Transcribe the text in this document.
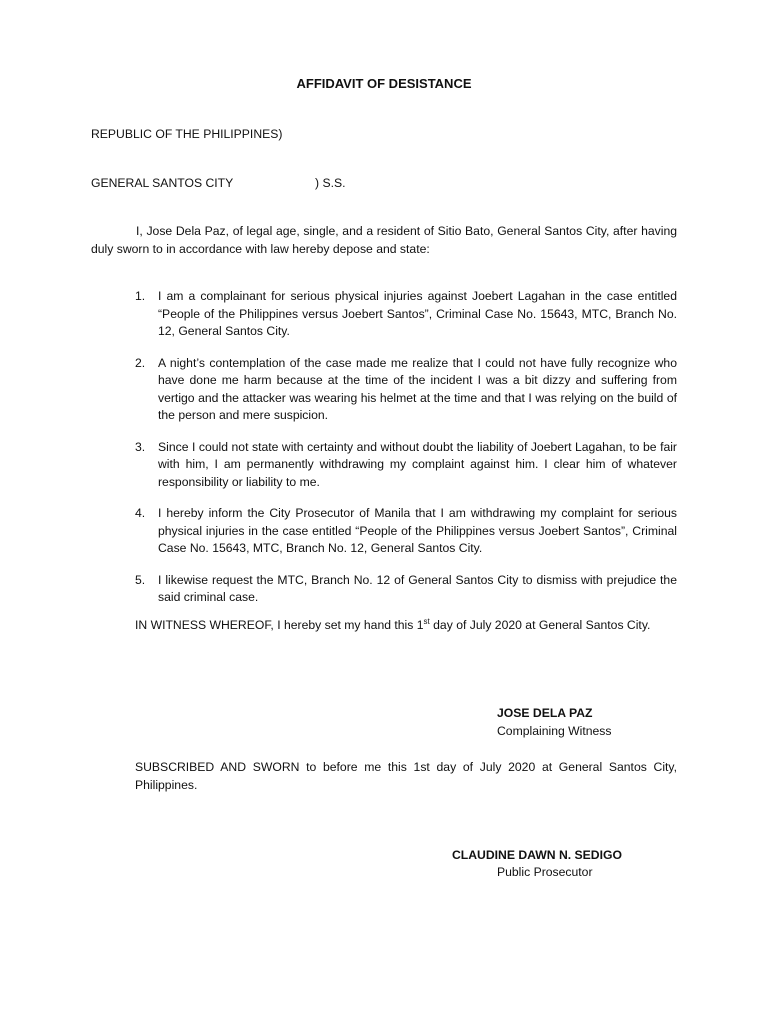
AFFIDAVIT OF DESISTANCE
REPUBLIC OF THE PHILIPPINES)
GENERAL SANTOS CITY	) S.S.

I, Jose Dela Paz, of legal age, single, and a resident of Sitio Bato, General Santos City, after having duly sworn to in accordance with law hereby depose and state:

1. I am a complainant for serious physical injuries against Joebert Lagahan in the case entitled “People of the Philippines versus Joebert Santos”, Criminal Case No. 15643, MTC, Branch No. 12, General Santos City.
2. A night’s contemplation of the case made me realize that I could not have fully recognize who have done me harm because at the time of the incident I was a bit dizzy and suffering from vertigo and the attacker was wearing his helmet at the time and that I was relying on the build of the person and mere suspicion.
3. Since I could not state with certainty and without doubt the liability of Joebert Lagahan, to be fair with him, I am permanently withdrawing my complaint against him. I clear him of whatever responsibility or liability to me.
4. I hereby inform the City Prosecutor of Manila that I am withdrawing my complaint for serious physical injuries in the case entitled “People of the Philippines versus Joebert Santos”, Criminal Case No. 15643, MTC, Branch No. 12, General Santos City.
5. I likewise request the MTC, Branch No. 12 of General Santos City to dismiss with prejudice the said criminal case.

IN WITNESS WHEREOF, I hereby set my hand this 1st day of July 2020 at General Santos City.

JOSE DELA PAZ
Complaining Witness

SUBSCRIBED AND SWORN to before me this 1st day of July 2020 at General Santos City, Philippines.

CLAUDINE DAWN N. SEDIGO
Public Prosecutor
